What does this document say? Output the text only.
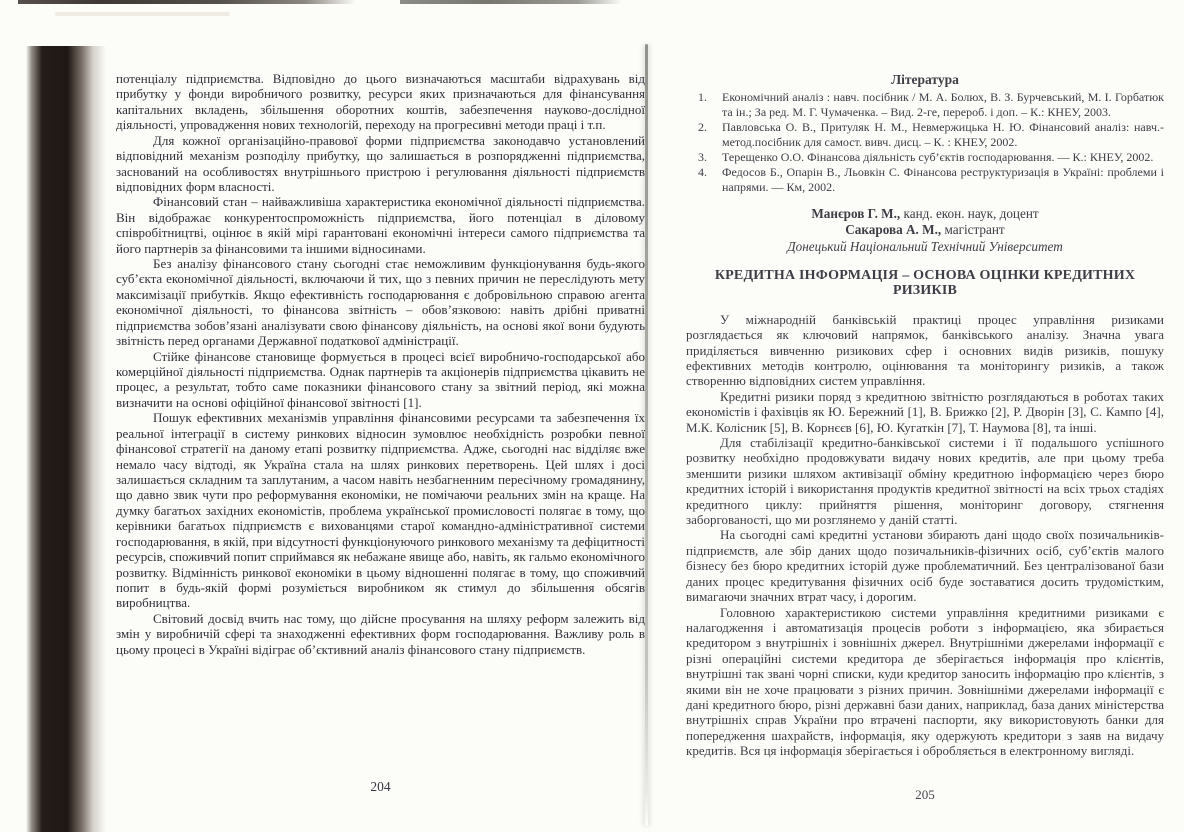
потенціалу підприємства. Відповідно до цього визначаються масштаби відрахувань від прибутку у фонди виробничого розвитку, ресурси яких призначаються для фінансування капітальних вкладень, збільшення оборотних коштів, забезпечення науково-дослідної діяльності, упровадження нових технологій, переходу на прогресивні методи праці і т.п.

Для кожної організаційно-правової форми підприємства законодавчо установлений відповідний механізм розподілу прибутку, що залишається в розпорядженні підприємства, заснований на особливостях внутрішнього пристрою і регулювання діяльності підприємств відповідних форм власності.

Фінансовий стан – найважливіша характеристика економічної діяльності підприємства. Він відображає конкурентоспроможність підприємства, його потенціал в діловому співробітництві, оцінює в якій мірі гарантовані економічні інтереси самого підприємства та його партнерів за фінансовими та іншими відносинами.

Без аналізу фінансового стану сьогодні стає неможливим функціонування будь-якого суб’єкта економічної діяльності, включаючи й тих, що з певних причин не переслідують мету максимізації прибутків. Якщо ефективність господарювання є добровільною справою агента економічної діяльності, то фінансова звітність – обов’язковою: навіть дрібні приватні підприємства зобов’язані аналізувати свою фінансову діяльність, на основі якої вони будують звітність перед органами Державної податкової адміністрації.

Стійке фінансове становище формується в процесі всієї виробничо-господарської або комерційної діяльності підприємства. Однак партнерів та акціонерів підприємства цікавить не процес, а результат, тобто саме показники фінансового стану за звітний період, які можна визначити на основі офіційної фінансової звітності [1].

Пошук ефективних механізмів управління фінансовими ресурсами та забезпечення їх реальної інтеграції в систему ринкових відносин зумовлює необхідність розробки певної фінансової стратегії на даному етапі розвитку підприємства. Адже, сьогодні нас відділяє вже немало часу відтоді, як Україна стала на шлях ринкових перетворень. Цей шлях і досі залишається складним та заплутаним, а часом навіть незбагненним пересічному громадянину, що давно звик чути про реформування економіки, не помічаючи реальних змін на краще. На думку багатьох західних економістів, проблема української промисловості полягає в тому, що керівники багатьох підприємств є вихованцями старої командно-адміністративної системи господарювання, в якій, при відсутності функціонуючого ринкового механізму та дефіцитності ресурсів, споживчий попит сприймався як небажане явище або, навіть, як гальмо економічного розвитку. Відмінність ринкової економіки в цьому відношенні полягає в тому, що споживчий попит в будь-якій формі розуміється виробником як стимул до збільшення обсягів виробництва.

Світовий досвід вчить нас тому, що дійсне просування на шляху реформ залежить від змін у виробничій сфері та знаходженні ефективних форм господарювання. Важливу роль в цьому процесі в Україні відіграє об’єктивний аналіз фінансового стану підприємств.

204
Література
1.	Економічний аналіз : навч. посібник / М. А. Болюх, В. З. Бурчевський, М. І. Горбатюк та ін.; За ред. М. Г. Чумаченка. – Вид. 2-ге, перероб. і доп. – К.: КНЕУ, 2003.
2.	Павловська О. В., Притуляк Н. М., Невмержицька Н. Ю. Фінансовий аналіз: навч.-метод.посібник для самост. вивч. дисц. – К. : КНЕУ, 2002.
3.	Терещенко О.О. Фінансова діяльність суб’єктів господарювання. — К.: КНЕУ, 2002.
4.	Федосов Б., Опарін В., Льовкін С. Фінансова реструктуризація в Україні: проблеми і напрями. — Км, 2002.
Манєров Г. М., канд. екон. наук, доцент
Сакарова А. М., магістрант
Донецький Національний Технічний Університет
КРЕДИТНА ІНФОРМАЦІЯ – ОСНОВА ОЦІНКИ КРЕДИТНИХ РИЗИКІВ

У міжнародній банківській практиці процес управління ризиками розглядається як ключовий напрямок, банківського аналізу. Значна увага приділяється вивченню ризикових сфер і основних видів ризиків, пошуку ефективних методів контролю, оцінювання та моніторингу ризиків, а також створенню відповідних систем управління.

Кредитні ризики поряд з кредитною звітністю розглядаються в роботах таких економістів і фахівців як Ю. Бережний [1], В. Брижко [2], Р. Дворін [3], С. Кампо [4], М.К. Колісник [5], В. Корнєєв [6], Ю. Кугаткін [7], Т. Наумова [8], та інші.

Для стабілізації кредитно-банківської системи і її подальшого успішного розвитку необхідно продовжувати видачу нових кредитів, але при цьому треба зменшити ризики шляхом активізації обміну кредитною інформацією через бюро кредитних історій і використання продуктів кредитної звітності на всіх трьох стадіях кредитного циклу: прийняття рішення, моніторинг договору, стягнення заборгованості, що ми розглянемо у даній статті.

На сьогодні самі кредитні установи збирають дані щодо своїх позичальників-підприємств, але збір даних щодо позичальників-фізичних осіб, суб’єктів малого бізнесу без бюро кредитних історій дуже проблематичний. Без централізованої бази даних процес кредитування фізичних осіб буде зоставатися досить трудомістким, вимагаючи значних втрат часу, і дорогим.

Головною характеристикою системи управління кредитними ризиками є налагодження і автоматизація процесів роботи з інформацією, яка збирається кредитором з внутрішніх і зовнішніх джерел. Внутрішніми джерелами інформації є різні операційні системи кредитора де зберігається інформація про клієнтів, внутрішні так звані чорні списки, куди кредитор заносить інформацію про клієнтів, з якими він не хоче працювати з різних причин. Зовнішніми джерелами інформації є дані кредитного бюро, різні державні бази даних, наприклад, база даних міністерства внутрішніх справ України про втрачені паспорти, яку використовують банки для попередження шахрайств, інформація, яку одержують кредитори з заяв на видачу кредитів. Вся ця інформація зберігається і обробляється в електронному вигляді.

205
